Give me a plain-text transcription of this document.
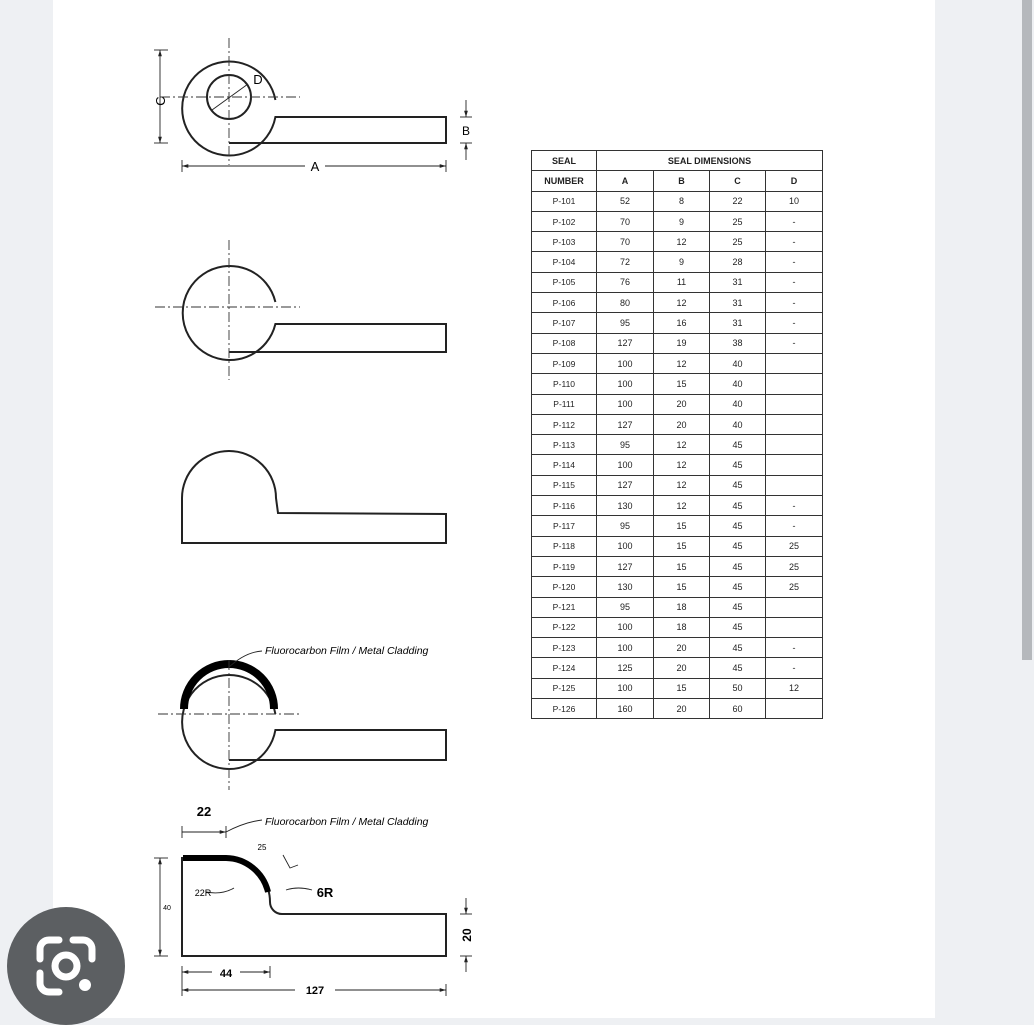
C
D
A
B
Fluorocarbon Film / Metal Cladding
Fluorocarbon Film / Metal Cladding
22
25
22R	6R
40
20
44
127
SEAL	SEAL DIMENSIONS			
NUMBER	A	B	C	D
P-101	52	8	22	10
P-102	70	9	25	-
P-103	70	12	25	-
P-104	72	9	28	-
P-105	76	11	31	-
P-106	80	12	31	-
P-107	95	16	31	-
P-108	127	19	38	-
P-109	100	12	40	
P-110	100	15	40	
P-111	100	20	40	
P-112	127	20	40	
P-113	95	12	45	
P-114	100	12	45	
P-115	127	12	45	
P-116	130	12	45	-
P-117	95	15	45	-
P-118	100	15	45	25
P-119	127	15	45	25
P-120	130	15	45	25
P-121	95	18	45	
P-122	100	18	45	
P-123	100	20	45	-
P-124	125	20	45	-
P-125	100	15	50	12
P-126	160	20	60	
